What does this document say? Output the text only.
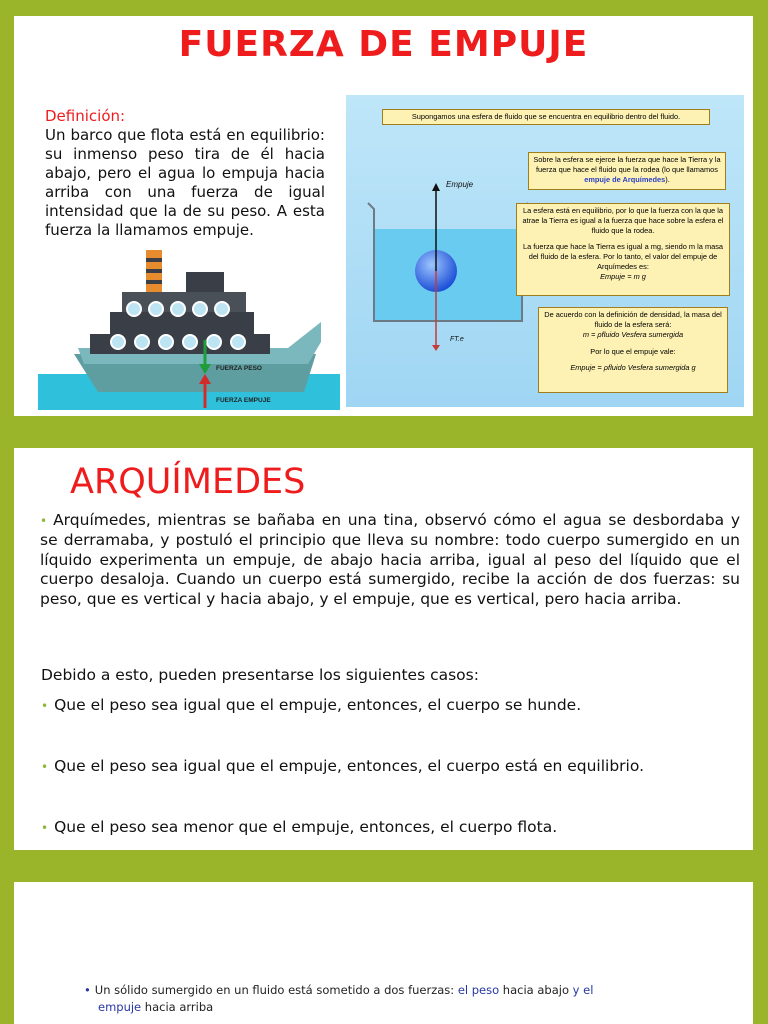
FUERZA DE EMPUJE
Definición:
Un barco que flota está en equilibrio: su inmenso peso tira de él hacia abajo, pero el agua lo empuja hacia arriba con una fuerza de igual intensidad que la de su peso. A esta fuerza la llamamos empuje.
FUERZA PESO
FUERZA EMPUJE
Supongamos una esfera de fluido que se encuentra en equilibrio dentro del fluido.
Empuje
FT.e
Sobre la esfera se ejerce la fuerza que hace la Tierra y la fuerza que hace el fluido que la rodea (lo que llamamos empuje de Arquímedes).
La esfera está en equilibrio, por lo que la fuerza con la que la atrae la Tierra es igual a la fuerza que hace sobre la esfera el fluido que la rodea.
La fuerza que hace la Tierra es igual a mg, siendo m la masa del fluido de la esfera. Por lo tanto, el valor del empuje de Arquímedes es:
Empuje = m g
De acuerdo con la definición de densidad, la masa del fluido de la esfera será:
m = ρfluido Vesfera sumergida
Por lo que el empuje vale:
Empuje = ρfluido Vesfera sumergida g
ARQUÍMEDES
• Arquímedes, mientras se bañaba en una tina, observó cómo el agua se desbordaba y se derramaba, y postuló el principio que lleva su nombre: todo cuerpo sumergido en un líquido experimenta un empuje, de abajo hacia arriba, igual al peso del líquido que el cuerpo desaloja. Cuando un cuerpo está sumergido, recibe la acción de dos fuerzas: su peso, que es vertical y hacia abajo, y el empuje, que es vertical, pero hacia arriba.
Debido a esto, pueden presentarse los siguientes casos:
• Que el peso sea igual que el empuje, entonces, el cuerpo se hunde.
• Que el peso sea igual que el empuje, entonces, el cuerpo está en equilibrio.
• Que el peso sea menor que el empuje, entonces, el cuerpo flota.
• Un sólido sumergido en un fluido está sometido a dos fuerzas: el peso hacia abajo y el
empuje hacia arriba
